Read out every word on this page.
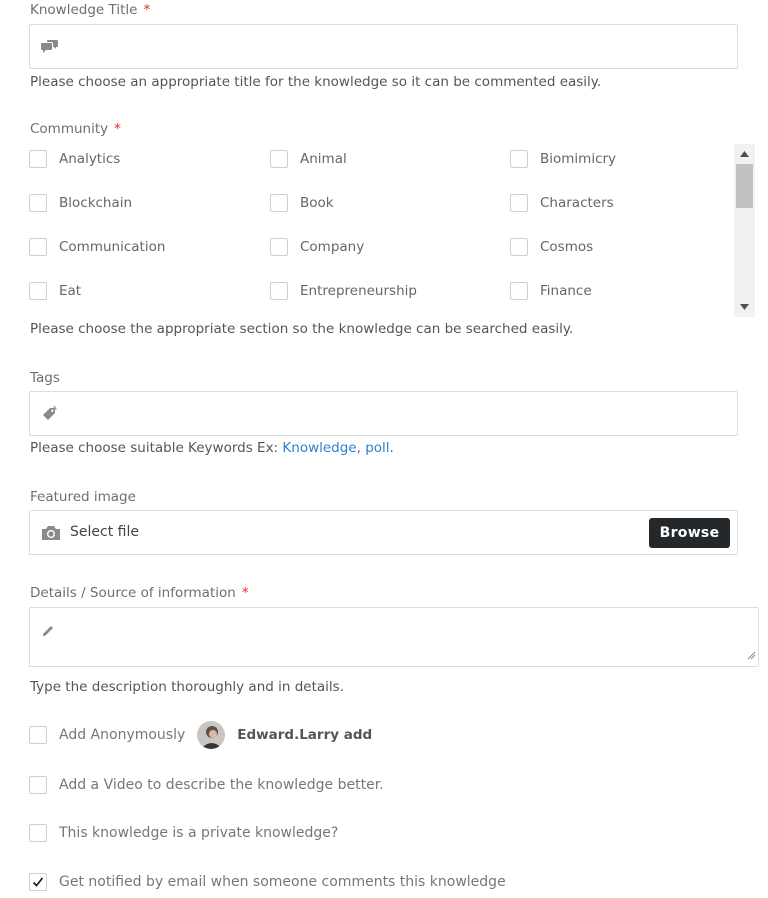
Knowledge Title *
Please choose an appropriate title for the knowledge so it can be commented easily.
Community *
Analytics	Animal	Biomimicry
Blockchain	Book	Characters
Communication	Company	Cosmos
Eat	Entrepreneurship	Finance
Please choose the appropriate section so the knowledge can be searched easily.
Tags
Please choose suitable Keywords Ex: Knowledge, poll.
Featured image
Select file	Browse
Details / Source of information *
Type the description thoroughly and in details.
Add Anonymously	Edward.Larry add
Add a Video to describe the knowledge better.
This knowledge is a private knowledge?
Get notified by email when someone comments this knowledge
